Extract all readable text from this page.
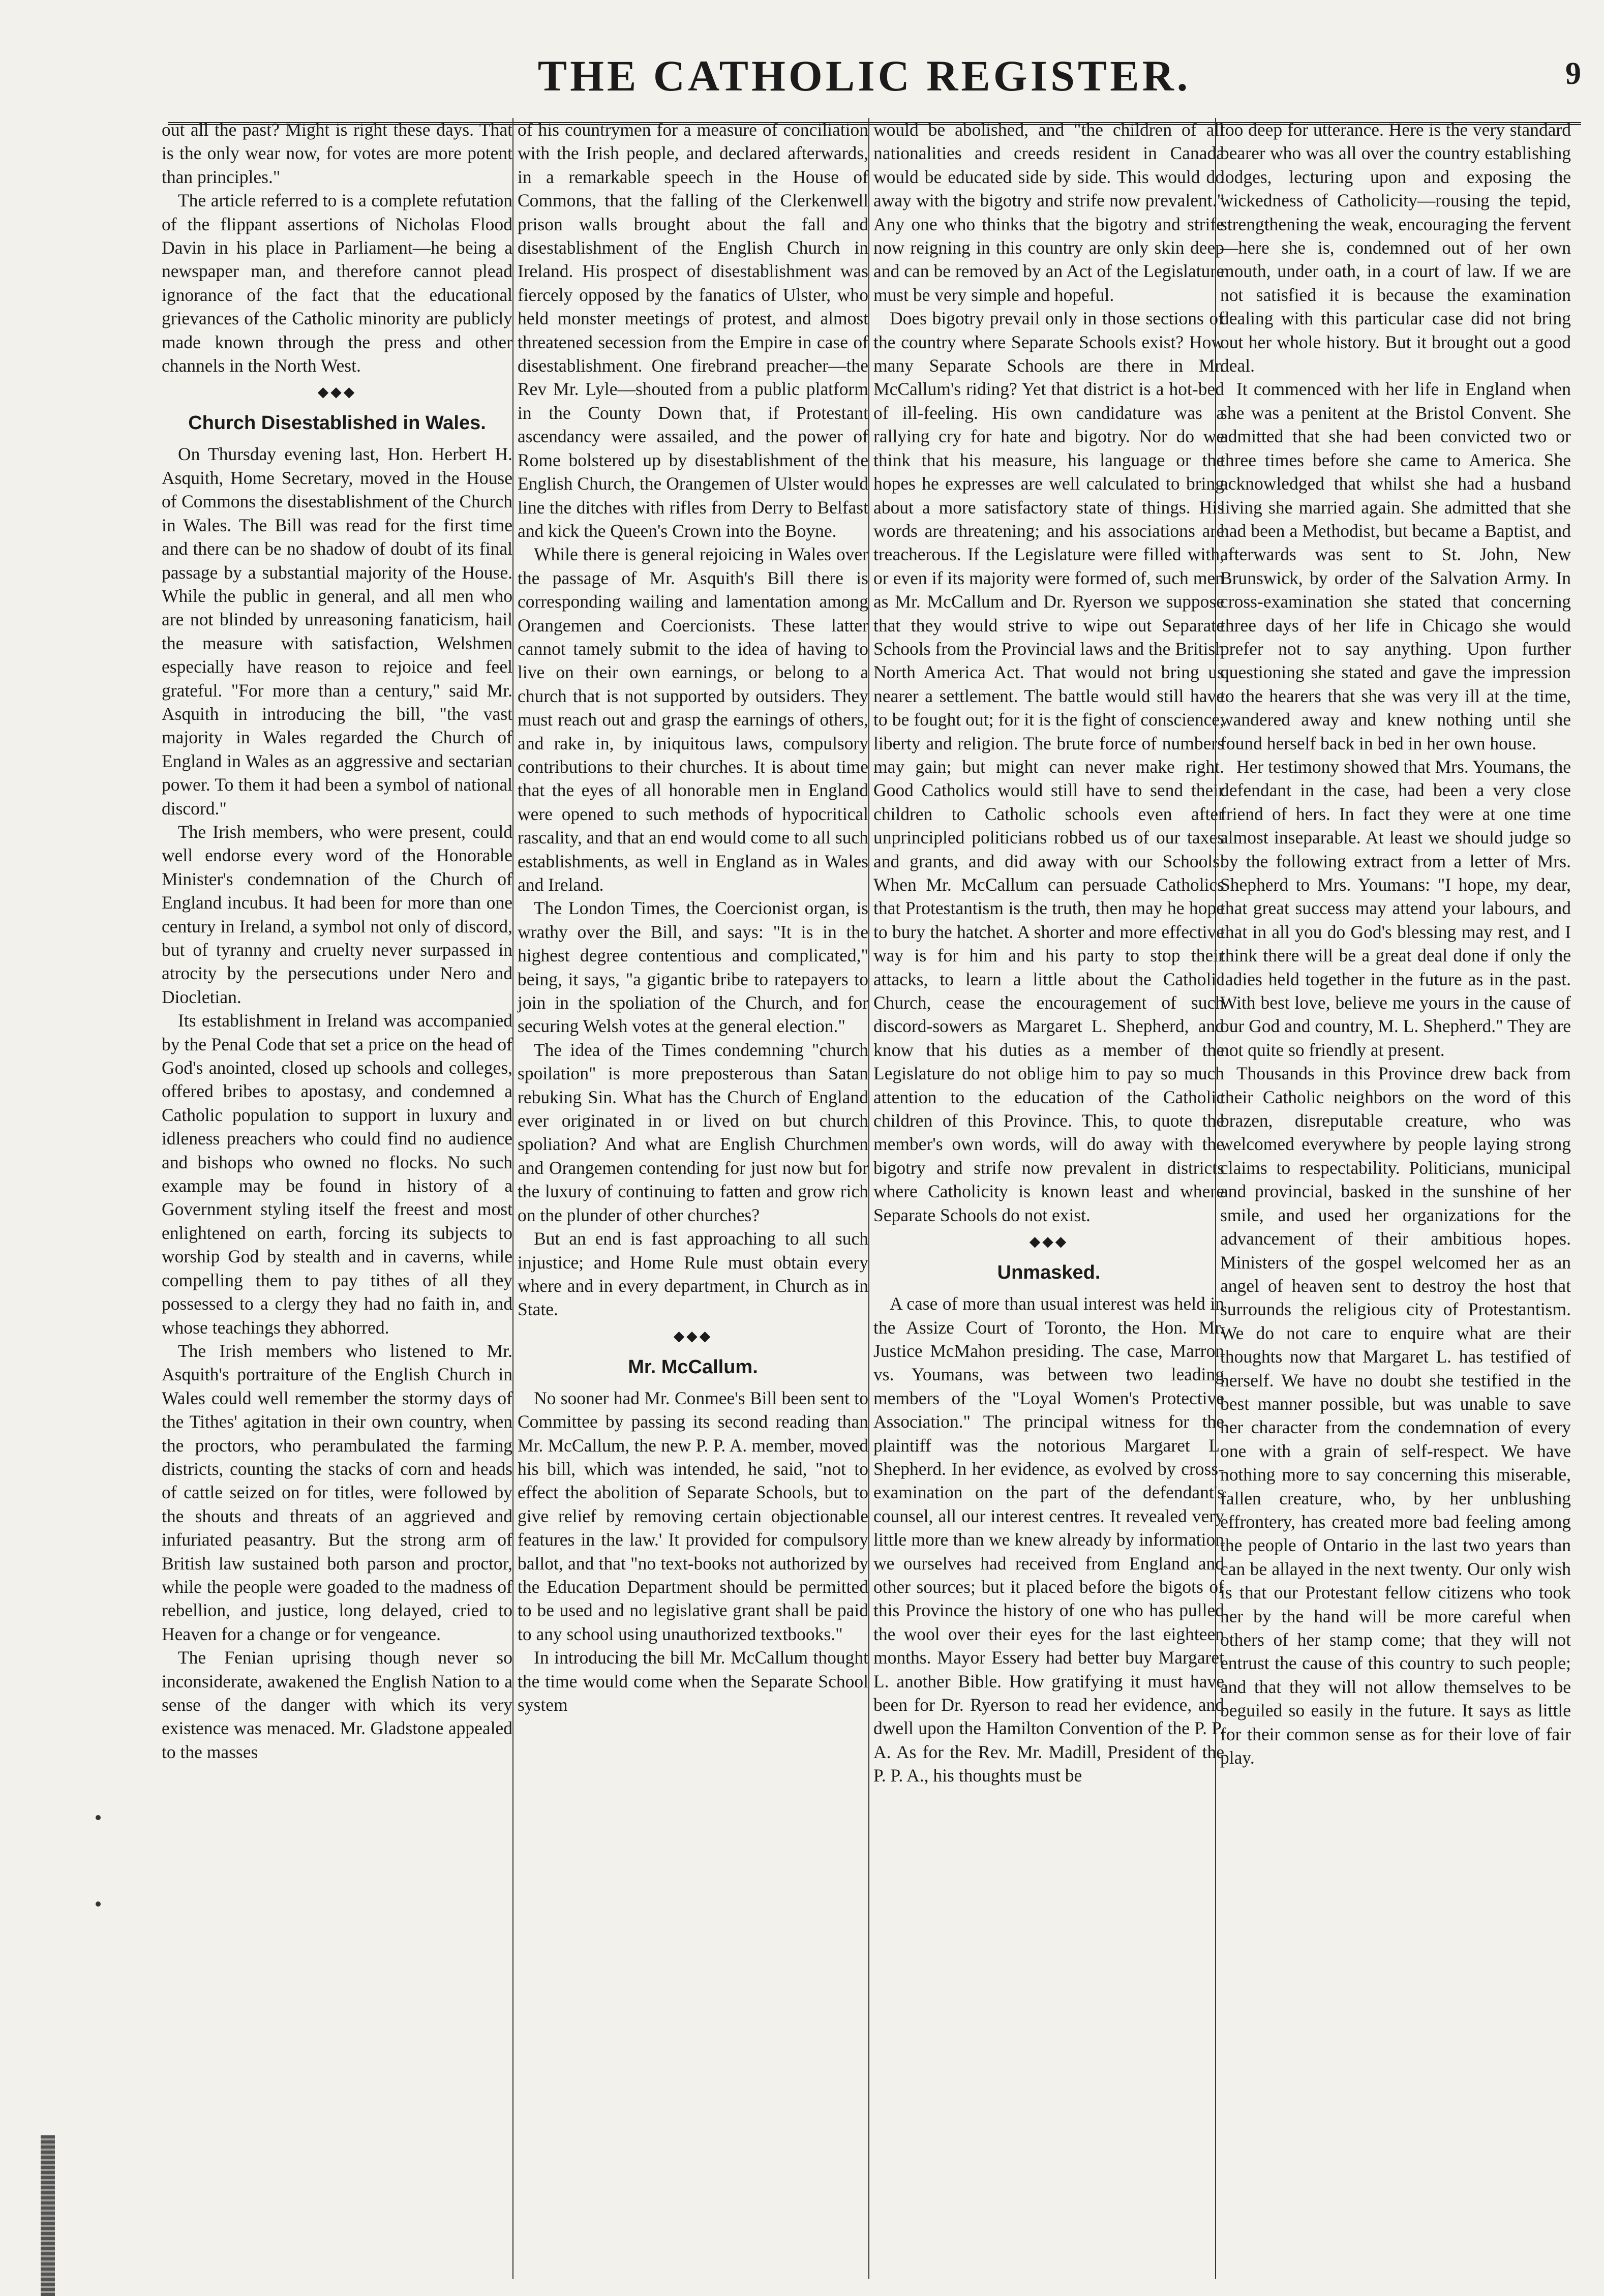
THE CATHOLIC REGISTER.	9

out all the past? Might is right these days. That is the only wear now, for votes are more potent than principles."

The article referred to is a complete refutation of the flippant assertions of Nicholas Flood Davin in his place in Parliament—he being a newspaper man, and therefore cannot plead ignorance of the fact that the educational grievances of the Catholic minority are publicly made known through the press and other channels in the North West.

◆◆◆
Church Disestablished in Wales.

On Thursday evening last, Hon. Herbert H. Asquith, Home Secretary, moved in the House of Commons the disestablishment of the Church in Wales. The Bill was read for the first time and there can be no shadow of doubt of its final passage by a substantial majority of the House. While the public in general, and all men who are not blinded by unreasoning fanaticism, hail the measure with satisfaction, Welshmen especially have reason to rejoice and feel grateful. "For more than a century," said Mr. Asquith in introducing the bill, "the vast majority in Wales regarded the Church of England in Wales as an aggressive and sectarian power. To them it had been a symbol of national discord."

The Irish members, who were present, could well endorse every word of the Honorable Minister's condemnation of the Church of England incubus. It had been for more than one century in Ireland, a symbol not only of discord, but of tyranny and cruelty never surpassed in atrocity by the persecutions under Nero and Diocletian.

Its establishment in Ireland was accompanied by the Penal Code that set a price on the head of God's anointed, closed up schools and colleges, offered bribes to apostasy, and condemned a Catholic population to support in luxury and idleness preachers who could find no audience and bishops who owned no flocks. No such example may be found in history of a Government styling itself the freest and most enlightened on earth, forcing its subjects to worship God by stealth and in caverns, while compelling them to pay tithes of all they possessed to a clergy they had no faith in, and whose teachings they abhorred.

The Irish members who listened to Mr. Asquith's portraiture of the English Church in Wales could well remember the stormy days of the Tithes' agitation in their own country, when the proctors, who perambulated the farming districts, counting the stacks of corn and heads of cattle seized on for titles, were followed by the shouts and threats of an aggrieved and infuriated peasantry. But the strong arm of British law sustained both parson and proctor, while the people were goaded to the madness of rebellion, and justice, long delayed, cried to Heaven for a change or for vengeance.

The Fenian uprising though never so inconsiderate, awakened the English Nation to a sense of the danger with which its very existence was menaced. Mr. Gladstone appealed to the masses

of his countrymen for a measure of conciliation with the Irish people, and declared afterwards, in a remarkable speech in the House of Commons, that the falling of the Clerkenwell prison walls brought about the fall and disestablishment of the English Church in Ireland. His prospect of disestablishment was fiercely opposed by the fanatics of Ulster, who held monster meetings of protest, and almost threatened secession from the Empire in case of disestablishment. One firebrand preacher—the Rev Mr. Lyle—shouted from a public platform in the County Down that, if Protestant ascendancy were assailed, and the power of Rome bolstered up by disestablishment of the English Church, the Orangemen of Ulster would line the ditches with rifles from Derry to Belfast and kick the Queen's Crown into the Boyne.

While there is general rejoicing in Wales over the passage of Mr. Asquith's Bill there is corresponding wailing and lamentation among Orangemen and Coercionists. These latter cannot tamely submit to the idea of having to live on their own earnings, or belong to a church that is not supported by outsiders. They must reach out and grasp the earnings of others, and rake in, by iniquitous laws, compulsory contributions to their churches. It is about time that the eyes of all honorable men in England were opened to such methods of hypocritical rascality, and that an end would come to all such establishments, as well in England as in Wales and Ireland.

The London Times, the Coercionist organ, is wrathy over the Bill, and says: "It is in the highest degree contentious and complicated," being, it says, "a gigantic bribe to ratepayers to join in the spoliation of the Church, and for securing Welsh votes at the general election."

The idea of the Times condemning "church spoilation" is more preposterous than Satan rebuking Sin. What has the Church of England ever originated in or lived on but church spoliation? And what are English Churchmen and Orangemen contending for just now but for the luxury of continuing to fatten and grow rich on the plunder of other churches?

But an end is fast approaching to all such injustice; and Home Rule must obtain every where and in every department, in Church as in State.

◆◆◆
Mr. McCallum.

No sooner had Mr. Conmee's Bill been sent to Committee by passing its second reading than Mr. McCallum, the new P. P. A. member, moved his bill, which was intended, he said, "not to effect the abolition of Separate Schools, but to give relief by removing certain objectionable features in the law.' It provided for compulsory ballot, and that "no text-books not authorized by the Education Department should be permitted to be used and no legislative grant shall be paid to any school using unauthorized textbooks."

In introducing the bill Mr. McCallum thought the time would come when the Separate School system

would be abolished, and "the children of all nationalities and creeds resident in Canada would be educated side by side. This would do away with the bigotry and strife now prevalent." Any one who thinks that the bigotry and strife now reigning in this country are only skin deep and can be removed by an Act of the Legislature must be very simple and hopeful.

Does bigotry prevail only in those sections of the country where Separate Schools exist? How many Separate Schools are there in Mr. McCallum's riding? Yet that district is a hot-bed of ill-feeling. His own candidature was a rallying cry for hate and bigotry. Nor do we think that his measure, his language or the hopes he expresses are well calculated to bring about a more satisfactory state of things. His words are threatening; and his associations are treacherous. If the Legislature were filled with, or even if its majority were formed of, such men as Mr. McCallum and Dr. Ryerson we suppose that they would strive to wipe out Separate Schools from the Provincial laws and the British North America Act. That would not bring us nearer a settlement. The battle would still have to be fought out; for it is the fight of conscience, liberty and religion. The brute force of numbers may gain; but might can never make right. Good Catholics would still have to send their children to Catholic schools even after unprincipled politicians robbed us of our taxes and grants, and did away with our Schools. When Mr. McCallum can persuade Catholics that Protestantism is the truth, then may he hope to bury the hatchet. A shorter and more effective way is for him and his party to stop their attacks, to learn a little about the Catholic Church, cease the encouragement of such discord-sowers as Margaret L. Shepherd, and know that his duties as a member of the Legislature do not oblige him to pay so much attention to the education of the Catholic children of this Province. This, to quote the member's own words, will do away with the bigotry and strife now prevalent in districts where Catholicity is known least and where Separate Schools do not exist.

◆◆◆
Unmasked.

A case of more than usual interest was held in the Assize Court of Toronto, the Hon. Mr. Justice McMahon presiding. The case, Marron vs. Youmans, was between two leading members of the "Loyal Women's Protective Association." The principal witness for the plaintiff was the notorious Margaret L. Shepherd. In her evidence, as evolved by cross-examination on the part of the defendant's counsel, all our interest centres. It revealed very little more than we knew already by information we ourselves had received from England and other sources; but it placed before the bigots of this Province the history of one who has pulled the wool over their eyes for the last eighteen months. Mayor Essery had better buy Margaret L. another Bible. How gratifying it must have been for Dr. Ryerson to read her evidence, and dwell upon the Hamilton Convention of the P. P. A. As for the Rev. Mr. Madill, President of the P. P. A., his thoughts must be

too deep for utterance. Here is the very standard bearer who was all over the country establishing lodges, lecturing upon and exposing the wickedness of Catholicity—rousing the tepid, strengthening the weak, encouraging the fervent—here she is, condemned out of her own mouth, under oath, in a court of law. If we are not satisfied it is because the examination dealing with this particular case did not bring out her whole history. But it brought out a good deal.

It commenced with her life in England when she was a penitent at the Bristol Convent. She admitted that she had been convicted two or three times before she came to America. She acknowledged that whilst she had a husband living she married again. She admitted that she had been a Methodist, but became a Baptist, and afterwards was sent to St. John, New Brunswick, by order of the Salvation Army. In cross-examination she stated that concerning three days of her life in Chicago she would prefer not to say anything. Upon further questioning she stated and gave the impression to the hearers that she was very ill at the time, wandered away and knew nothing until she found herself back in bed in her own house.

Her testimony showed that Mrs. Youmans, the defendant in the case, had been a very close friend of hers. In fact they were at one time almost inseparable. At least we should judge so by the following extract from a letter of Mrs. Shepherd to Mrs. Youmans: "I hope, my dear, that great success may attend your labours, and that in all you do God's blessing may rest, and I think there will be a great deal done if only the ladies held together in the future as in the past. With best love, believe me yours in the cause of our God and country, M. L. Shepherd." They are not quite so friendly at present.

Thousands in this Province drew back from their Catholic neighbors on the word of this brazen, disreputable creature, who was welcomed everywhere by people laying strong claims to respectability. Politicians, municipal and provincial, basked in the sunshine of her smile, and used her organizations for the advancement of their ambitious hopes. Ministers of the gospel welcomed her as an angel of heaven sent to destroy the host that surrounds the religious city of Protestantism. We do not care to enquire what are their thoughts now that Margaret L. has testified of herself. We have no doubt she testified in the best manner possible, but was unable to save her character from the condemnation of every one with a grain of self-respect. We have nothing more to say concerning this miserable, fallen creature, who, by her unblushing effrontery, has created more bad feeling among the people of Ontario in the last two years than can be allayed in the next twenty. Our only wish is that our Protestant fellow citizens who took her by the hand will be more careful when others of her stamp come; that they will not entrust the cause of this country to such people; and that they will not allow themselves to be beguiled so easily in the future. It says as little for their common sense as for their love of fair play.
